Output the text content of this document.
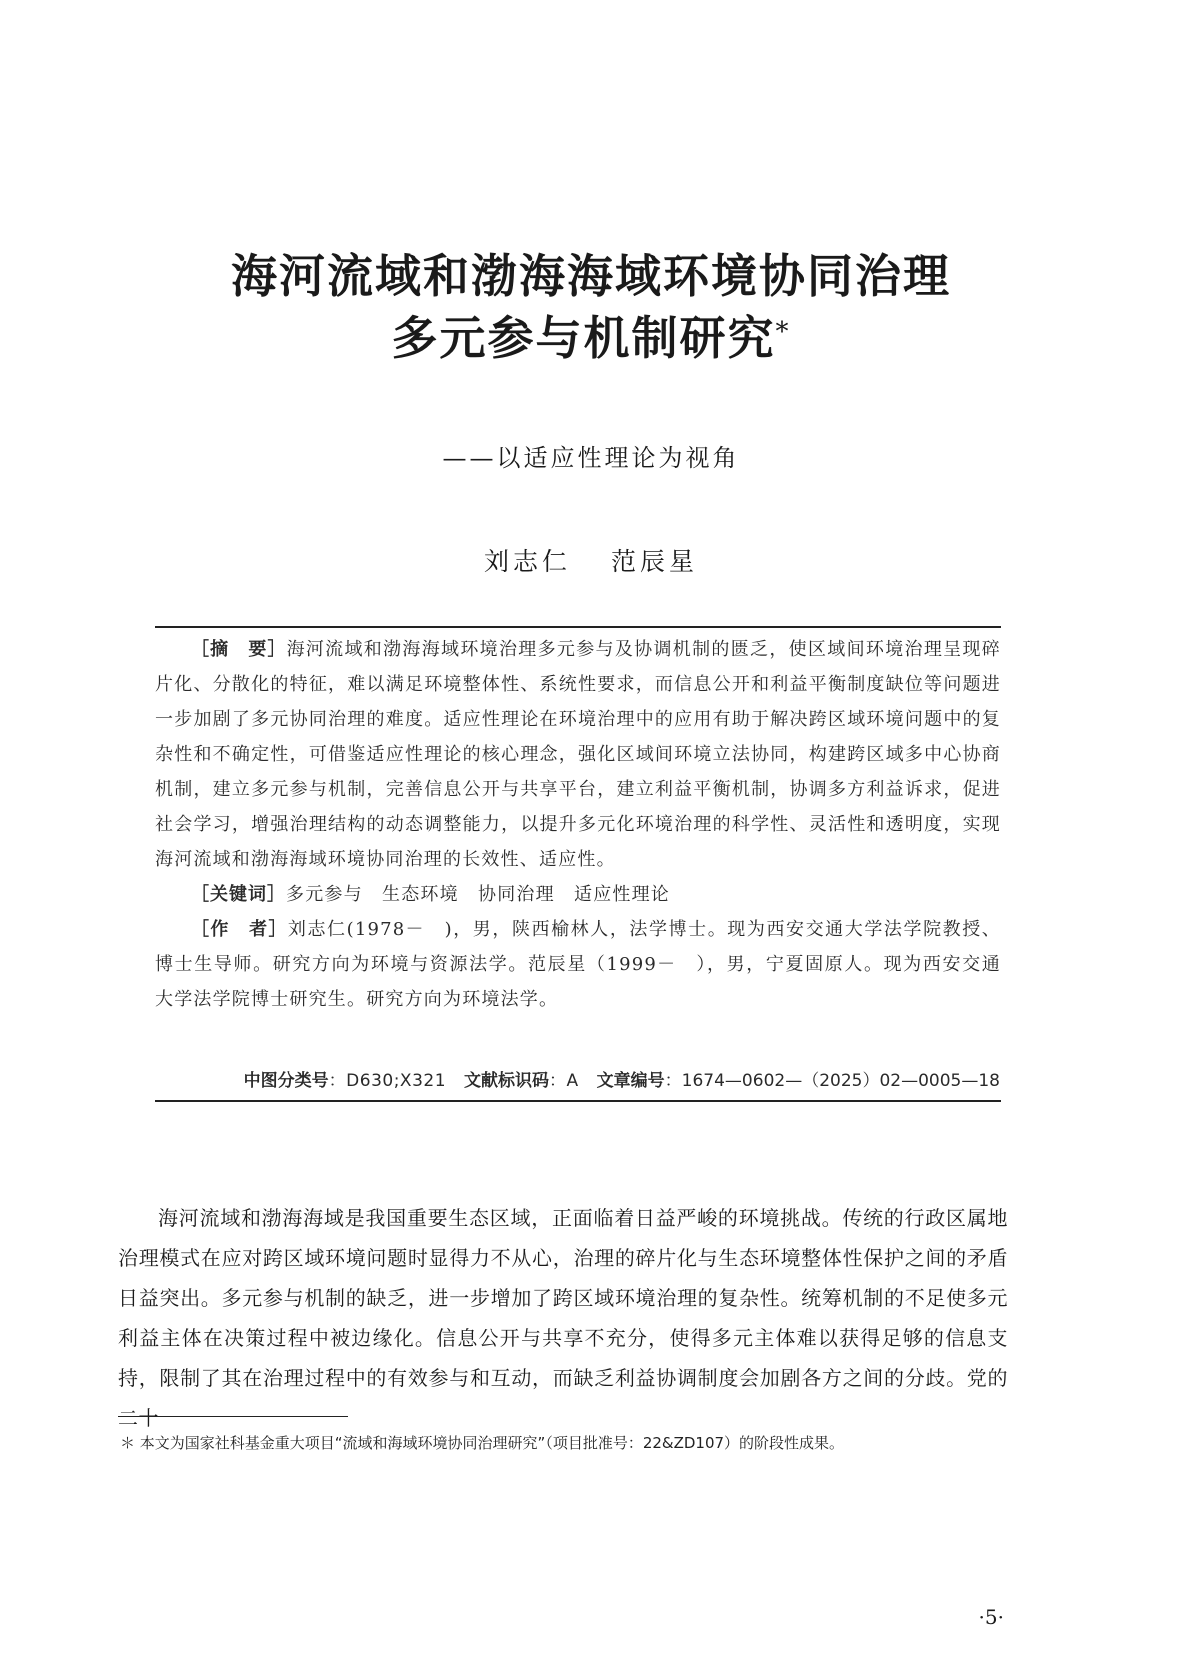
海河流域和渤海海域环境协同治理
多元参与机制研究*
——以适应性理论为视角
刘志仁 范辰星

［摘　要］海河流域和渤海海域环境治理多元参与及协调机制的匮乏，使区域间环境治理呈现碎片化、分散化的特征，难以满足环境整体性、系统性要求，而信息公开和利益平衡制度缺位等问题进一步加剧了多元协同治理的难度。适应性理论在环境治理中的应用有助于解决跨区域环境问题中的复杂性和不确定性，可借鉴适应性理论的核心理念，强化区域间环境立法协同，构建跨区域多中心协商机制，建立多元参与机制，完善信息公开与共享平台，建立利益平衡机制，协调多方利益诉求，促进社会学习，增强治理结构的动态调整能力，以提升多元化环境治理的科学性、灵活性和透明度，实现海河流域和渤海海域环境协同治理的长效性、适应性。

［关键词］多元参与　生态环境　协同治理　适应性理论

［作　者］刘志仁(1978－　)，男，陕西榆林人，法学博士。现为西安交通大学法学院教授、博士生导师。研究方向为环境与资源法学。范辰星（1999－　），男，宁夏固原人。现为西安交通大学法学院博士研究生。研究方向为环境法学。

中图分类号：D630;X321 文献标识码：A 文章编号：1674—0602—（2025）02—0005—18
海河流域和渤海海域是我国重要生态区域，正面临着日益严峻的环境挑战。传统的行政区属地治理模式在应对跨区域环境问题时显得力不从心，治理的碎片化与生态环境整体性保护之间的矛盾日益突出。多元参与机制的缺乏，进一步增加了跨区域环境治理的复杂性。统筹机制的不足使多元利益主体在决策过程中被边缘化。信息公开与共享不充分，使得多元主体难以获得足够的信息支持，限制了其在治理过程中的有效参与和互动，而缺乏利益协调制度会加剧各方之间的分歧。党的二十
＊ 本文为国家社科基金重大项目“流域和海域环境协同治理研究”（项目批准号：22&ZD107）的阶段性成果。
·5·
